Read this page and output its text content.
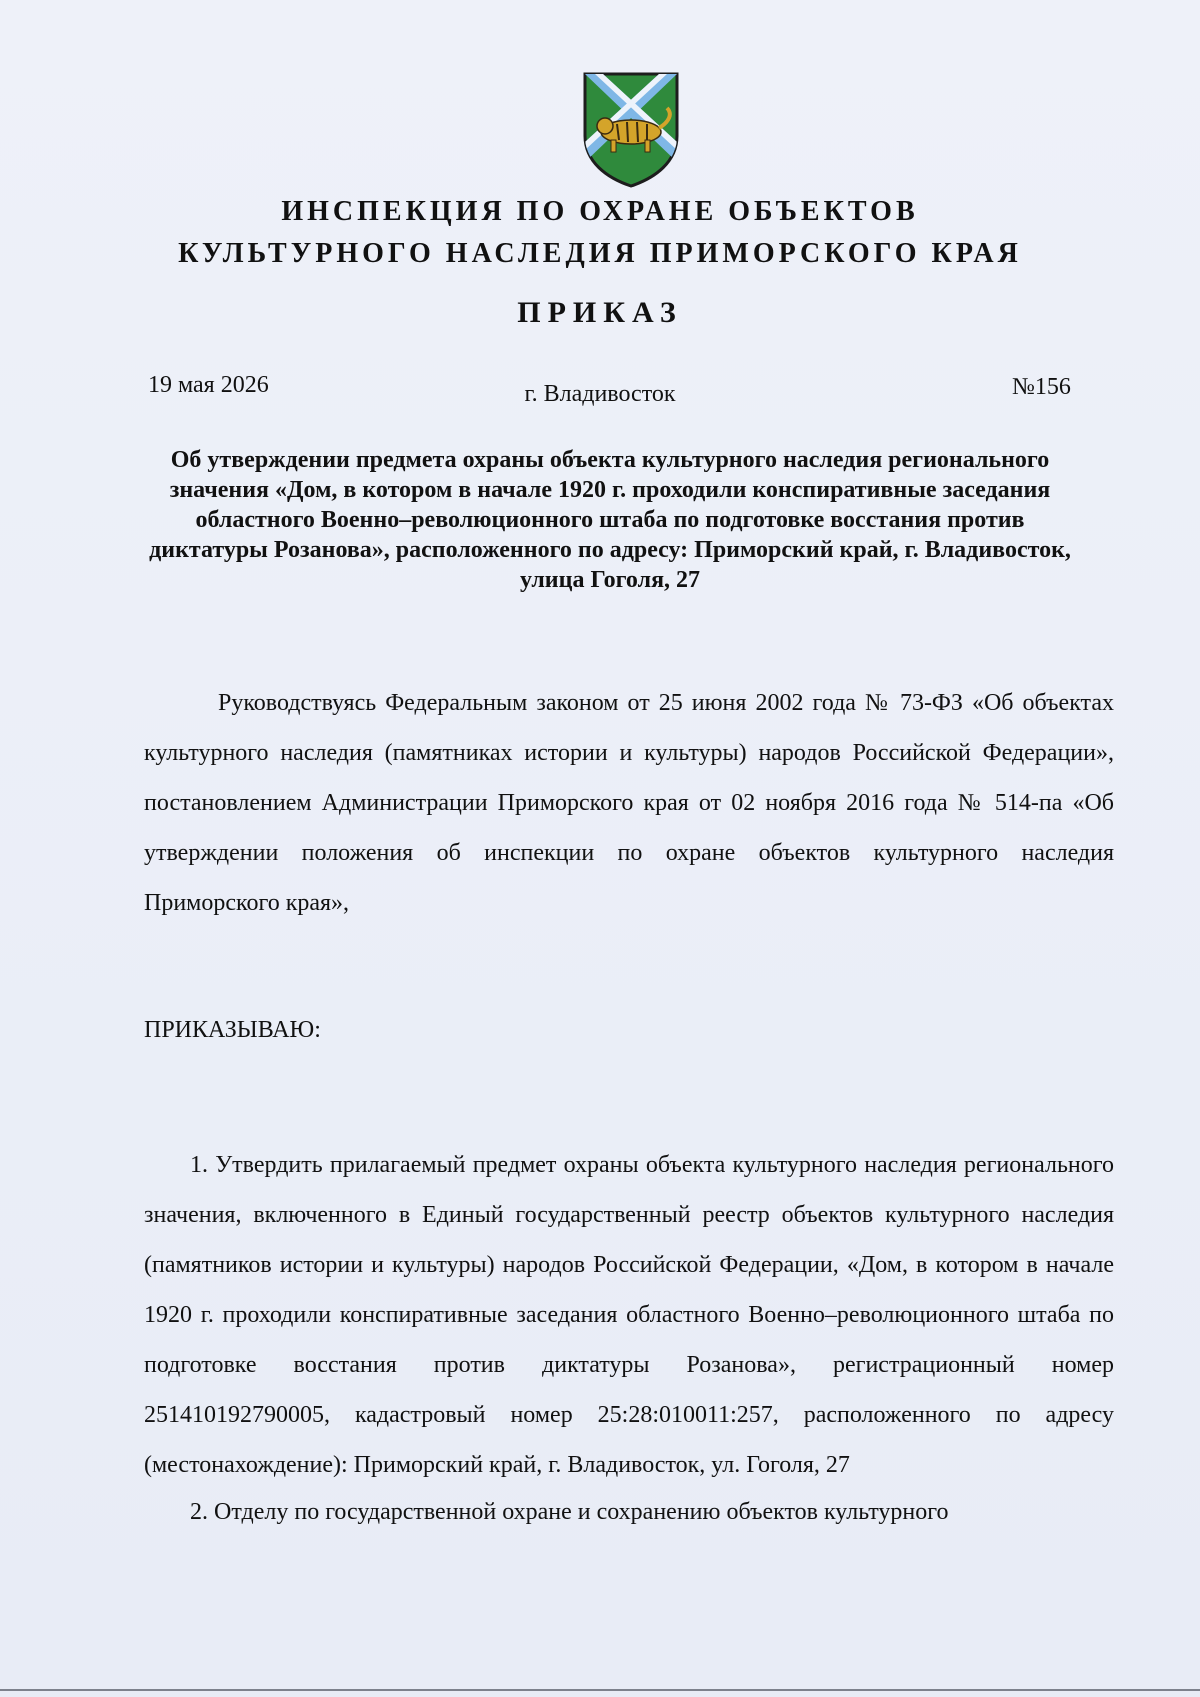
ИНСПЕКЦИЯ ПО ОХРАНЕ ОБЪЕКТОВ
КУЛЬТУРНОГО НАСЛЕДИЯ ПРИМОРСКОГО КРАЯ
ПРИКАЗ
19 мая 2026	г. Владивосток	№156
Об утверждении предмета охраны объекта культурного наследия регионального значения «Дом, в котором в начале 1920 г. проходили конспиративные заседания областного Военно–революционного штаба по подготовке восстания против диктатуры Розанова», расположенного по адресу: Приморский край, г. Владивосток, улица Гоголя, 27
Руководствуясь Федеральным законом от 25 июня 2002 года № 73-ФЗ «Об объектах культурного наследия (памятниках истории и культуры) народов Российской Федерации», постановлением Администрации Приморского края от 02 ноября 2016 года № 514-па «Об утверждении положения об инспекции по охране объектов культурного наследия Приморского края»,
ПРИКАЗЫВАЮ:
1. Утвердить прилагаемый предмет охраны объекта культурного наследия регионального значения, включенного в Единый государственный реестр объектов культурного наследия (памятников истории и культуры) народов Российской Федерации, «Дом, в котором в начале 1920 г. проходили конспиративные заседания областного Военно–революционного штаба по подготовке восстания против диктатуры Розанова», регистрационный номер 251410192790005, кадастровый номер 25:28:010011:257, расположенного по адресу (местонахождение): Приморский край, г. Владивосток, ул. Гоголя, 27
2. Отделу по государственной охране и сохранению объектов культурного
